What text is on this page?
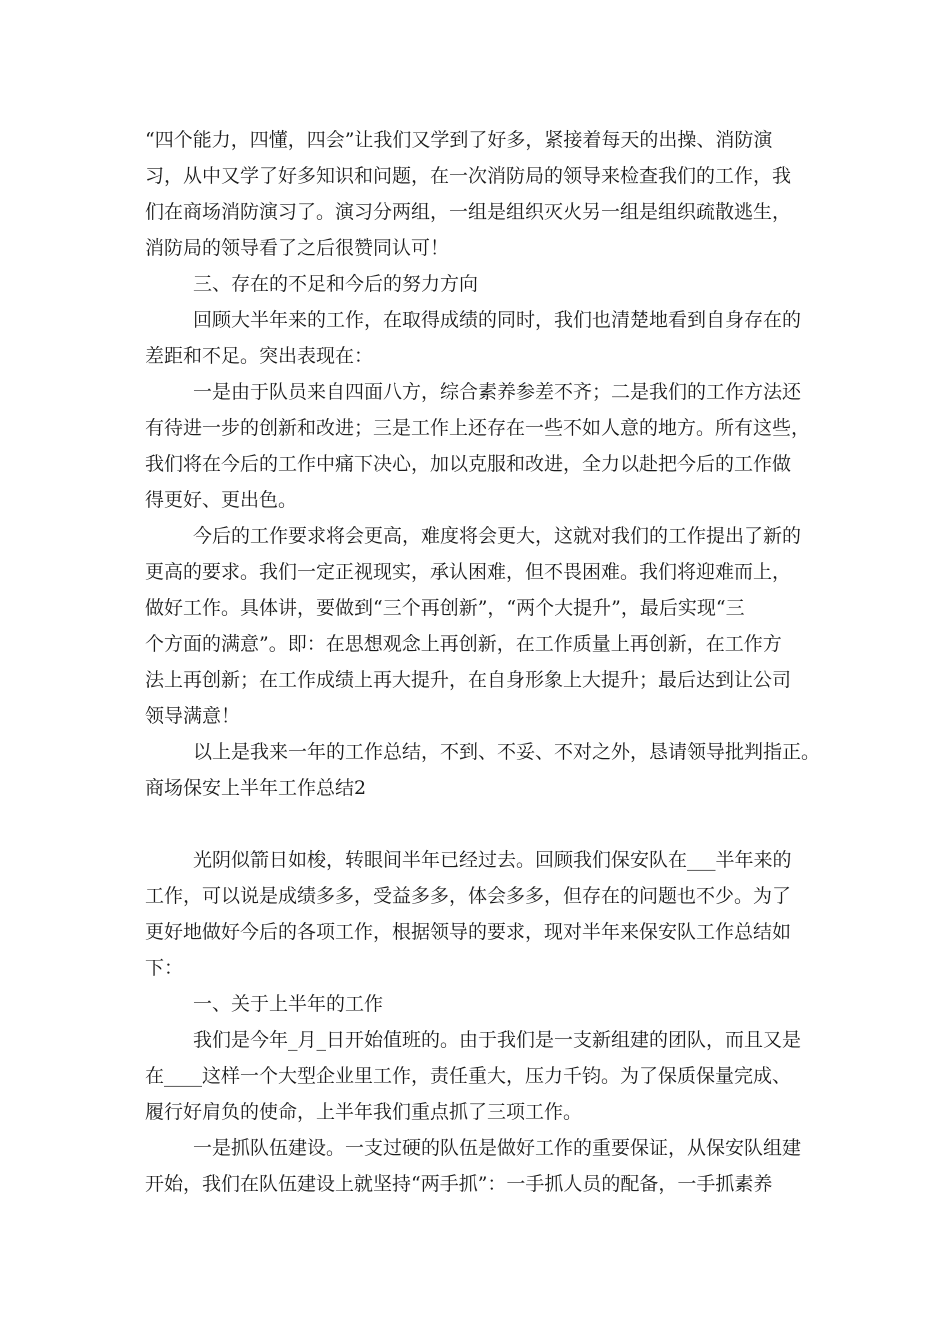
“四个能力，四懂，四会”让我们又学到了好多，紧接着每天的出操、消防演

习，从中又学了好多知识和问题，在一次消防局的领导来检查我们的工作，我

们在商场消防演习了。演习分两组，一组是组织灭火另一组是组织疏散逃生，

消防局的领导看了之后很赞同认可！

三、存在的不足和今后的努力方向

回顾大半年来的工作，在取得成绩的同时，我们也清楚地看到自身存在的

差距和不足。突出表现在：

一是由于队员来自四面八方，综合素养参差不齐；二是我们的工作方法还

有待进一步的创新和改进；三是工作上还存在一些不如人意的地方。所有这些，

我们将在今后的工作中痛下决心，加以克服和改进，全力以赴把今后的工作做

得更好、更出色。

今后的工作要求将会更高，难度将会更大，这就对我们的工作提出了新的

更高的要求。我们一定正视现实，承认困难，但不畏困难。我们将迎难而上，

做好工作。具体讲，要做到“三个再创新”，“两个大提升”，最后实现“三

个方面的满意”。即：在思想观念上再创新，在工作质量上再创新，在工作方

法上再创新；在工作成绩上再大提升，在自身形象上大提升；最后达到让公司

领导满意！

以上是我来一年的工作总结，不到、不妥、不对之外，恳请领导批判指正。

商场保安上半年工作总结2

光阴似箭日如梭，转眼间半年已经过去。回顾我们保安队在___半年来的

工作，可以说是成绩多多，受益多多，体会多多，但存在的问题也不少。为了

更好地做好今后的各项工作，根据领导的要求，现对半年来保安队工作总结如

下：

一、关于上半年的工作

我们是今年_月_日开始值班的。由于我们是一支新组建的团队，而且又是

在____这样一个大型企业里工作，责任重大，压力千钧。为了保质保量完成、

履行好肩负的使命，上半年我们重点抓了三项工作。

一是抓队伍建设。一支过硬的队伍是做好工作的重要保证，从保安队组建

开始，我们在队伍建设上就坚持“两手抓”：一手抓人员的配备，一手抓素养
